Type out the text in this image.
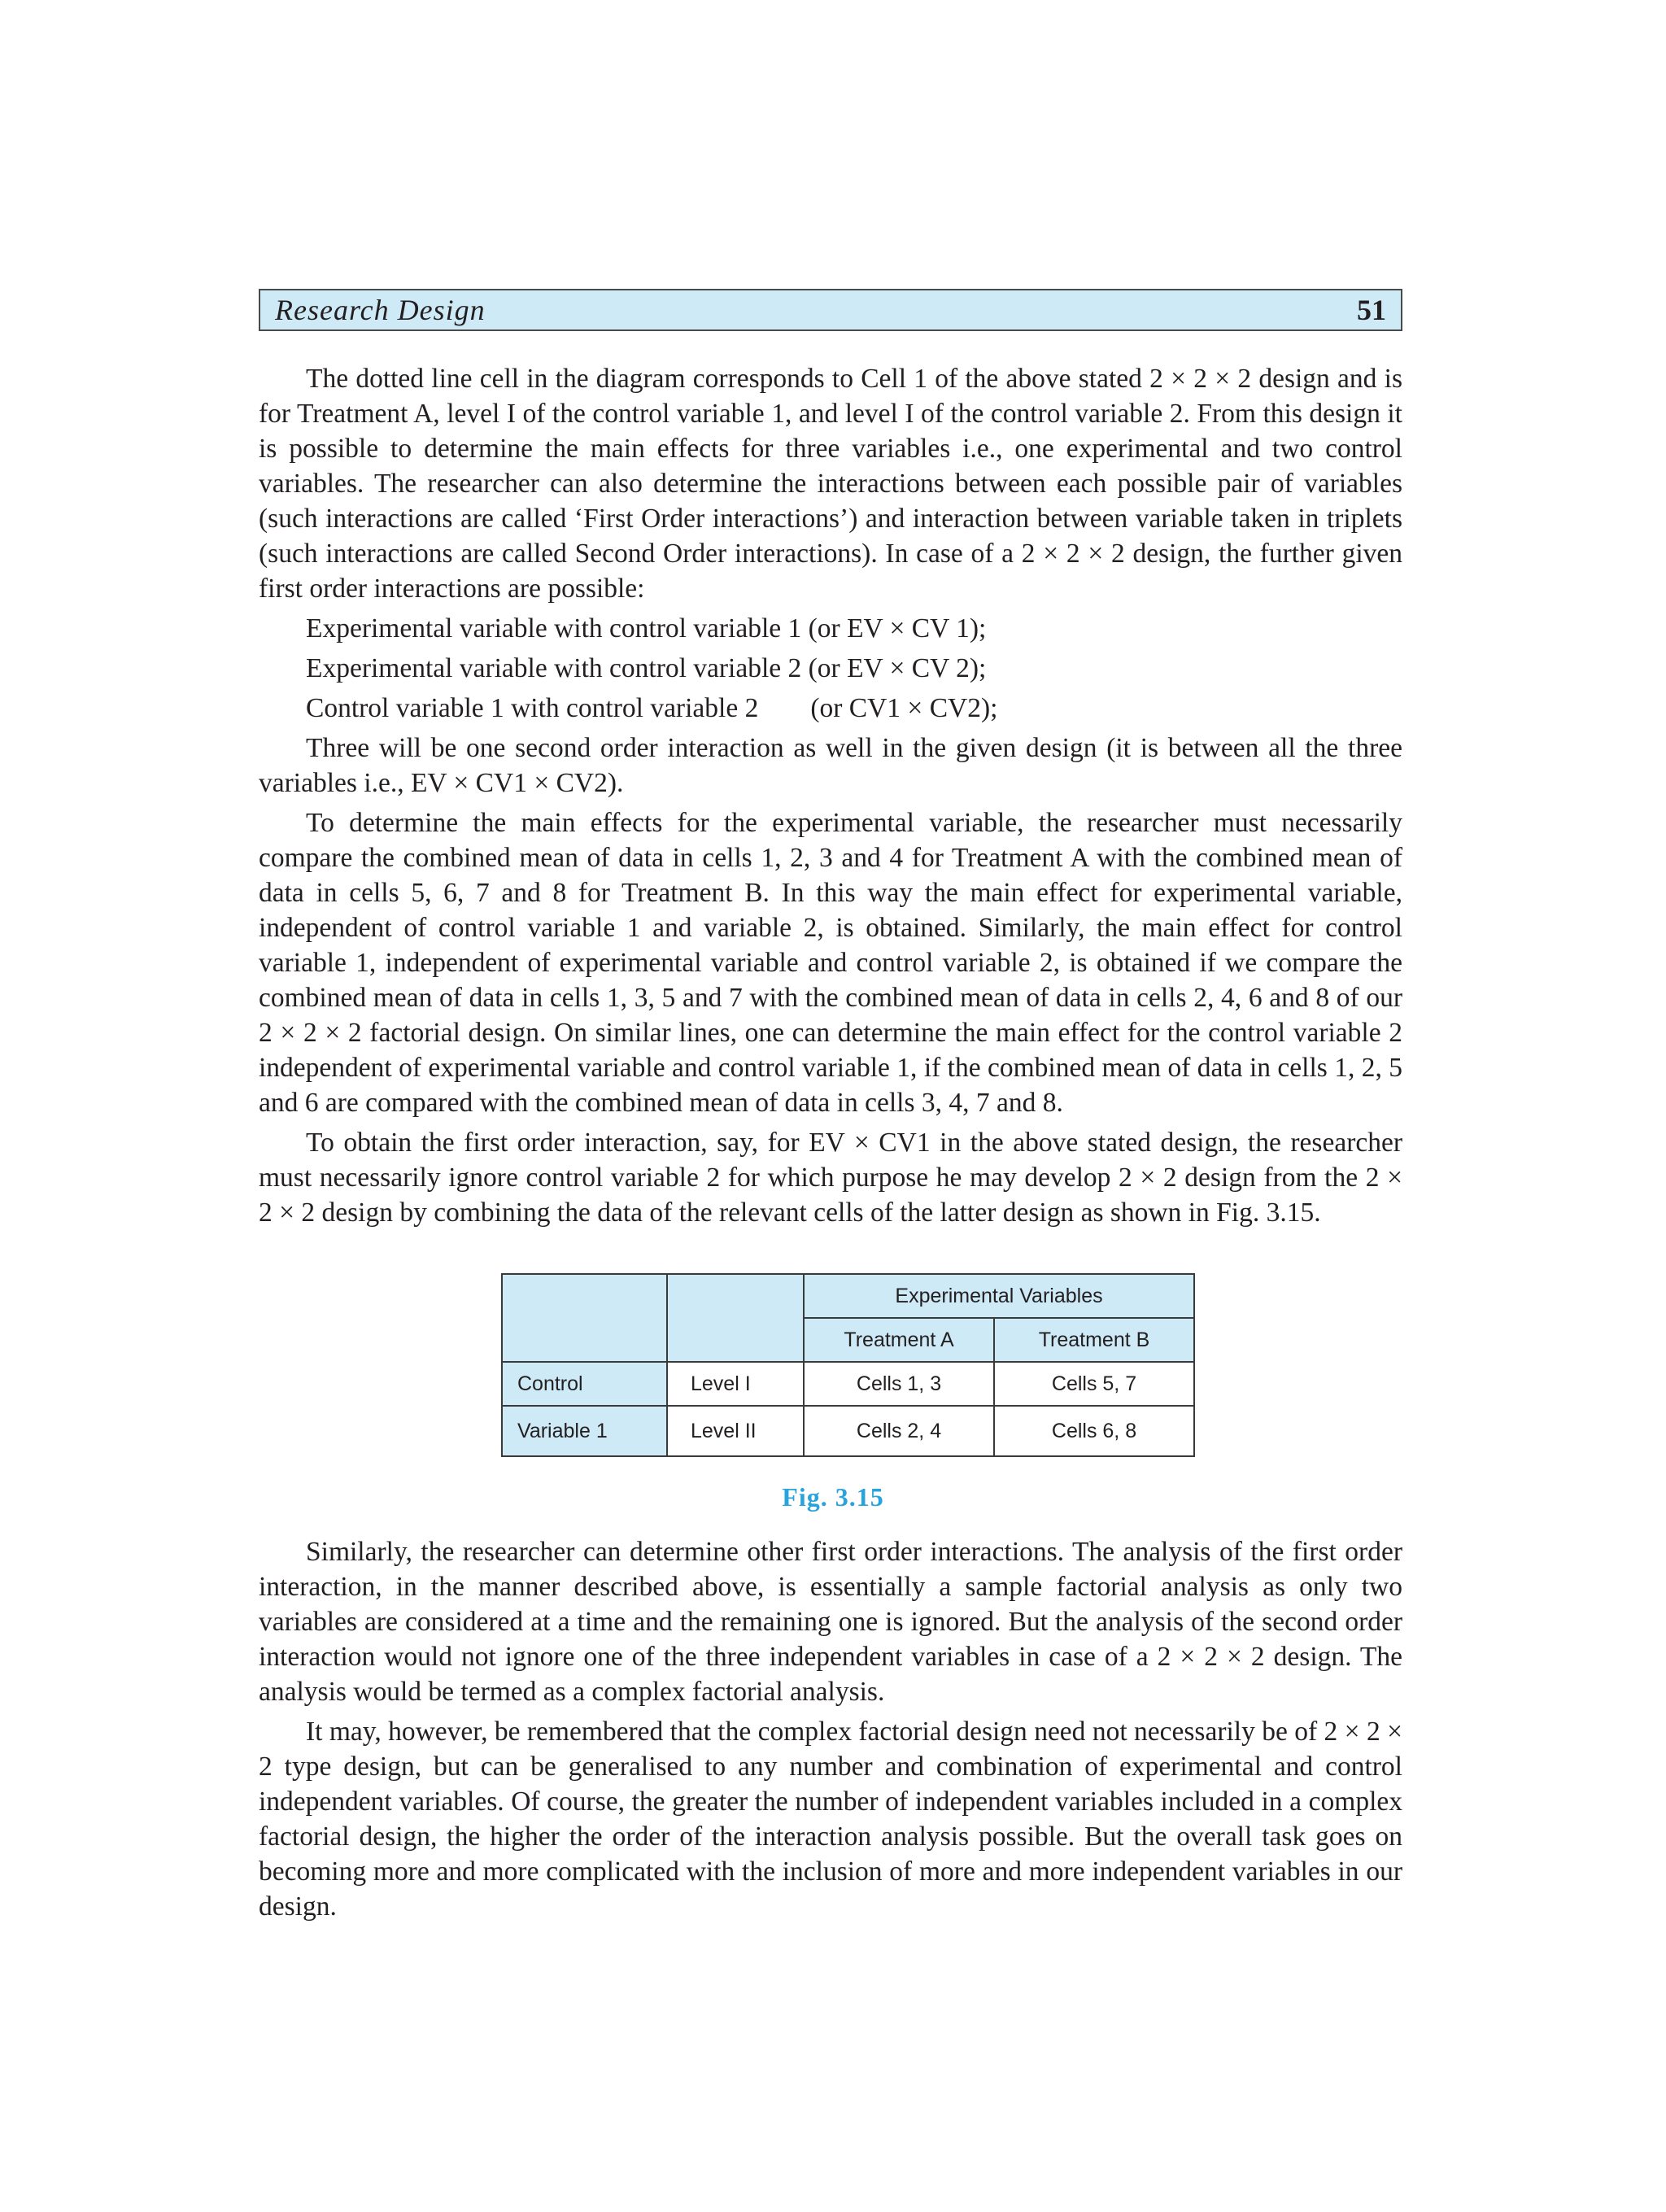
Research Design	51

The dotted line cell in the diagram corresponds to Cell 1 of the above stated 2 × 2 × 2 design and is for Treatment A, level I of the control variable 1, and level I of the control variable 2. From this design it is possible to determine the main effects for three variables i.e., one experimental and two control variables. The researcher can also determine the interactions between each possible pair of variables (such interactions are called ‘First Order interactions’) and interaction between variable taken in triplets (such interactions are called Second Order interactions). In case of a 2 × 2 × 2 design, the further given first order interactions are possible:

Experimental variable with control variable 1 (or EV × CV 1);

Experimental variable with control variable 2 (or EV × CV 2);

Control variable 1 with control variable 2 (or CV1 × CV2);

Three will be one second order interaction as well in the given design (it is between all the three variables i.e., EV × CV1 × CV2).

To determine the main effects for the experimental variable, the researcher must necessarily compare the combined mean of data in cells 1, 2, 3 and 4 for Treatment A with the combined mean of data in cells 5, 6, 7 and 8 for Treatment B. In this way the main effect for experimental variable, independent of control variable 1 and variable 2, is obtained. Similarly, the main effect for control variable 1, independent of experimental variable and control variable 2, is obtained if we compare the combined mean of data in cells 1, 3, 5 and 7 with the combined mean of data in cells 2, 4, 6 and 8 of our 2 × 2 × 2 factorial design. On similar lines, one can determine the main effect for the control variable 2 independent of experimental variable and control variable 1, if the combined mean of data in cells 1, 2, 5 and 6 are compared with the combined mean of data in cells 3, 4, 7 and 8.

To obtain the first order interaction, say, for EV × CV1 in the above stated design, the researcher must necessarily ignore control variable 2 for which purpose he may develop 2 × 2 design from the 2 × 2 × 2 design by combining the data of the relevant cells of the latter design as shown in Fig. 3.15.

		Experimental Variables	
		Treatment A	Treatment B
Control	Level I	Cells 1, 3	Cells 5, 7
Variable 1	Level II	Cells 2, 4	Cells 6, 8
Fig. 3.15

Similarly, the researcher can determine other first order interactions. The analysis of the first order interaction, in the manner described above, is essentially a sample factorial analysis as only two variables are considered at a time and the remaining one is ignored. But the analysis of the second order interaction would not ignore one of the three independent variables in case of a 2 × 2 × 2 design. The analysis would be termed as a complex factorial analysis.

It may, however, be remembered that the complex factorial design need not necessarily be of 2 × 2 × 2 type design, but can be generalised to any number and combination of experimental and control independent variables. Of course, the greater the number of independent variables included in a complex factorial design, the higher the order of the interaction analysis possible. But the overall task goes on becoming more and more complicated with the inclusion of more and more independent variables in our design.
